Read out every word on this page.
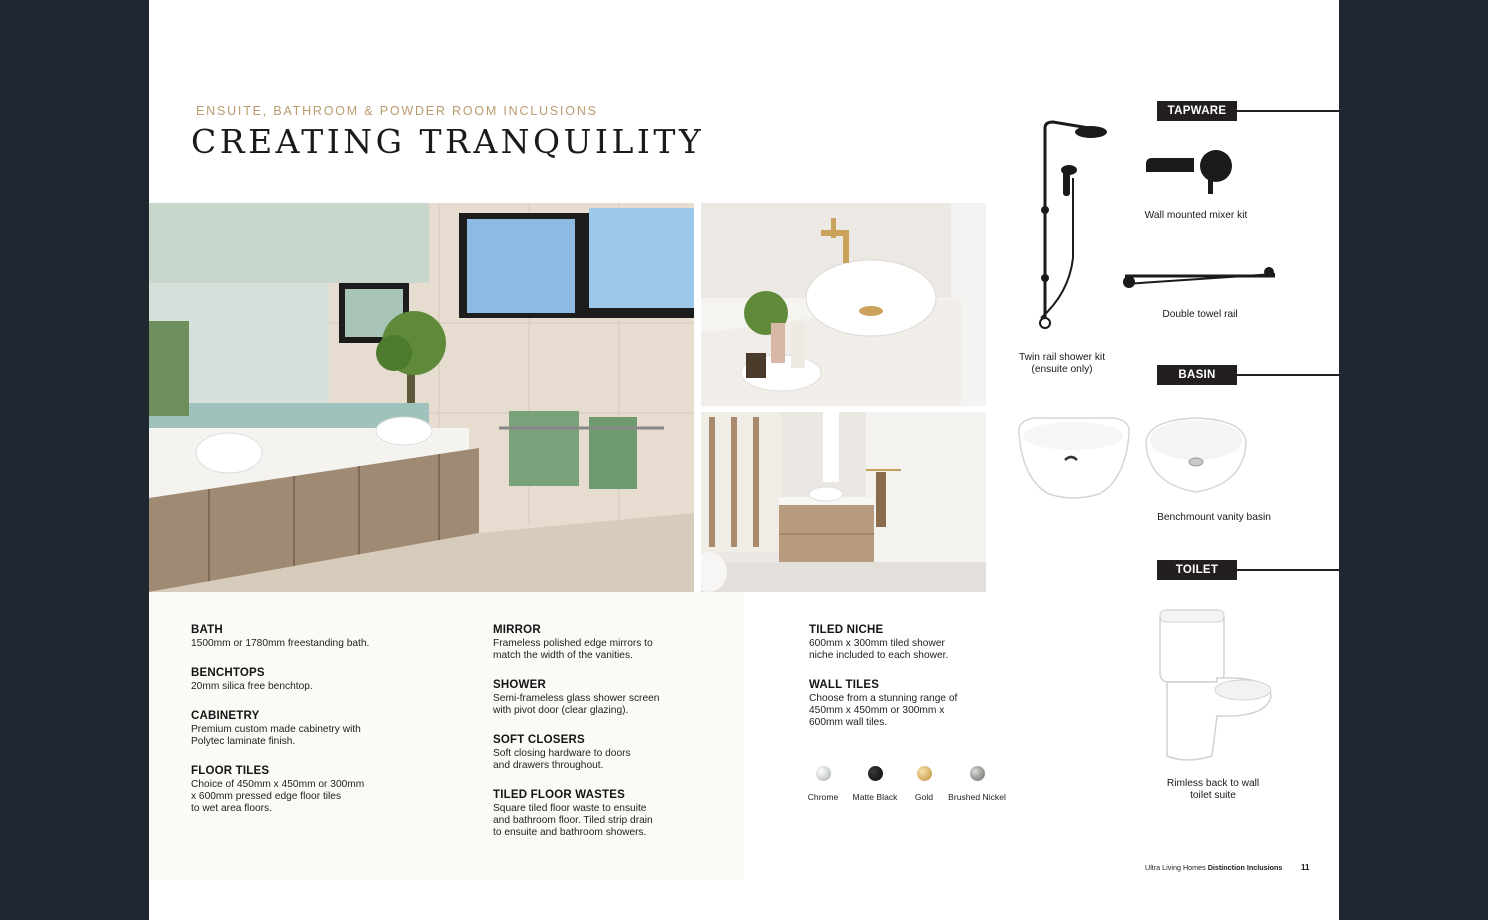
ENSUITE, BATHROOM & POWDER ROOM INCLUSIONS
CREATING TRANQUILITY
BATH

1500mm or 1780mm freestanding bath.

BENCHTOPS

20mm silica free benchtop.

CABINETRY

Premium custom made cabinetry with
Polytec laminate finish.

FLOOR TILES

Choice of 450mm x 450mm or 300mm
x 600mm pressed edge floor tiles
to wet area floors.

MIRROR

Frameless polished edge mirrors to
match the width of the vanities.

SHOWER

Semi-frameless glass shower screen
with pivot door (clear glazing).

SOFT CLOSERS

Soft closing hardware to doors
and drawers throughout.

TILED FLOOR WASTES

Square tiled floor waste to ensuite
and bathroom floor. Tiled strip drain
to ensuite and bathroom showers.

TILED NICHE

600mm x 300mm tiled shower
niche included to each shower.

WALL TILES

Choose from a stunning range of
450mm x 450mm or 300mm x
600mm wall tiles.

Chrome	Matte Black	Gold	Brushed Nickel
TAPWARE
Twin rail shower kit
(ensuite only)
Wall mounted mixer kit
Double towel rail
BASIN
Benchmount vanity basin
TOILET
Rimless back to wall
toilet suite
Ultra Living Homes Distinction Inclusions 11
